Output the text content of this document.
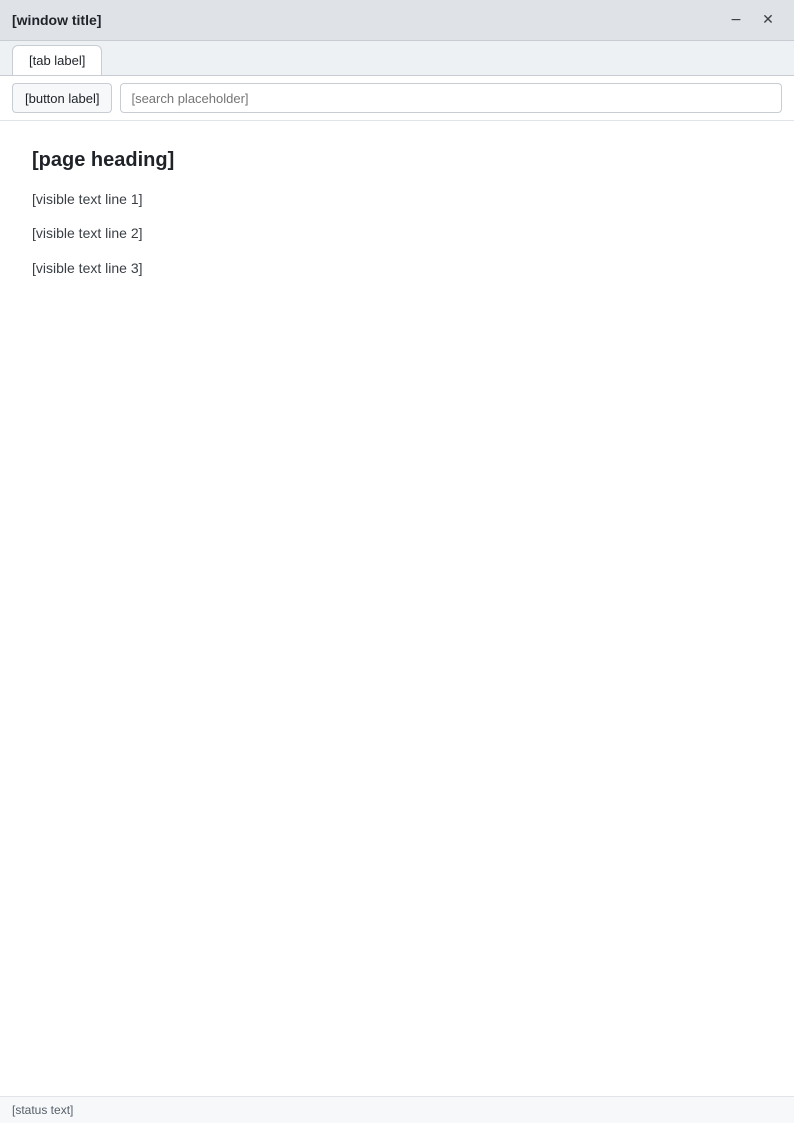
[window title]	−	✕
[tab label]
[button label]
[search placeholder]
[page heading]

[visible text line 1]

[visible text line 2]

[visible text line 3]

[status text]
